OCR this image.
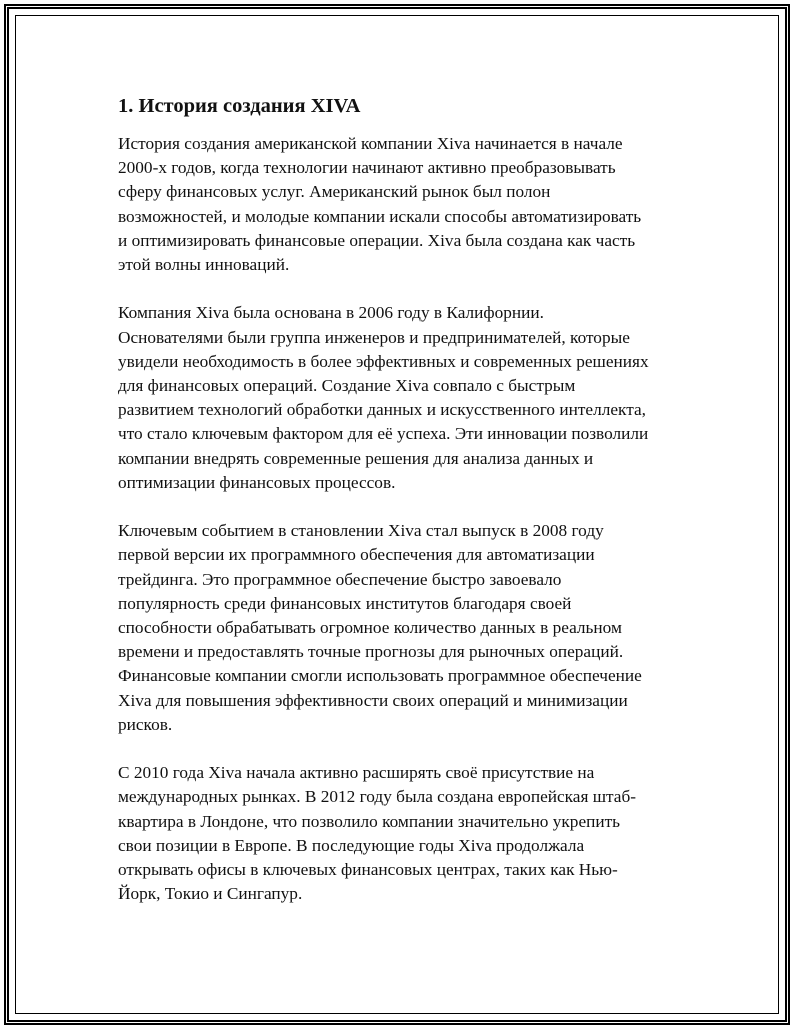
1. История создания XIVA
История создания американской компании Xiva начинается в начале
2000-х годов, когда технологии начинают активно преобразовывать
сферу финансовых услуг. Американский рынок был полон
возможностей, и молодые компании искали способы автоматизировать
и оптимизировать финансовые операции. Xiva была создана как часть
этой волны инноваций.
Компания Xiva была основана в 2006 году в Калифорнии.
Основателями были группа инженеров и предпринимателей, которые
увидели необходимость в более эффективных и современных решениях
для финансовых операций. Создание Xiva совпало с быстрым
развитием технологий обработки данных и искусственного интеллекта,
что стало ключевым фактором для её успеха. Эти инновации позволили
компании внедрять современные решения для анализа данных и
оптимизации финансовых процессов.
Ключевым событием в становлении Xiva стал выпуск в 2008 году
первой версии их программного обеспечения для автоматизации
трейдинга. Это программное обеспечение быстро завоевало
популярность среди финансовых институтов благодаря своей
способности обрабатывать огромное количество данных в реальном
времени и предоставлять точные прогнозы для рыночных операций.
Финансовые компании смогли использовать программное обеспечение
Xiva для повышения эффективности своих операций и минимизации
рисков.
С 2010 года Xiva начала активно расширять своё присутствие на
международных рынках. В 2012 году была создана европейская штаб-
квартира в Лондоне, что позволило компании значительно укрепить
свои позиции в Европе. В последующие годы Xiva продолжала
открывать офисы в ключевых финансовых центрах, таких как Нью-
Йорк, Токио и Сингапур.
